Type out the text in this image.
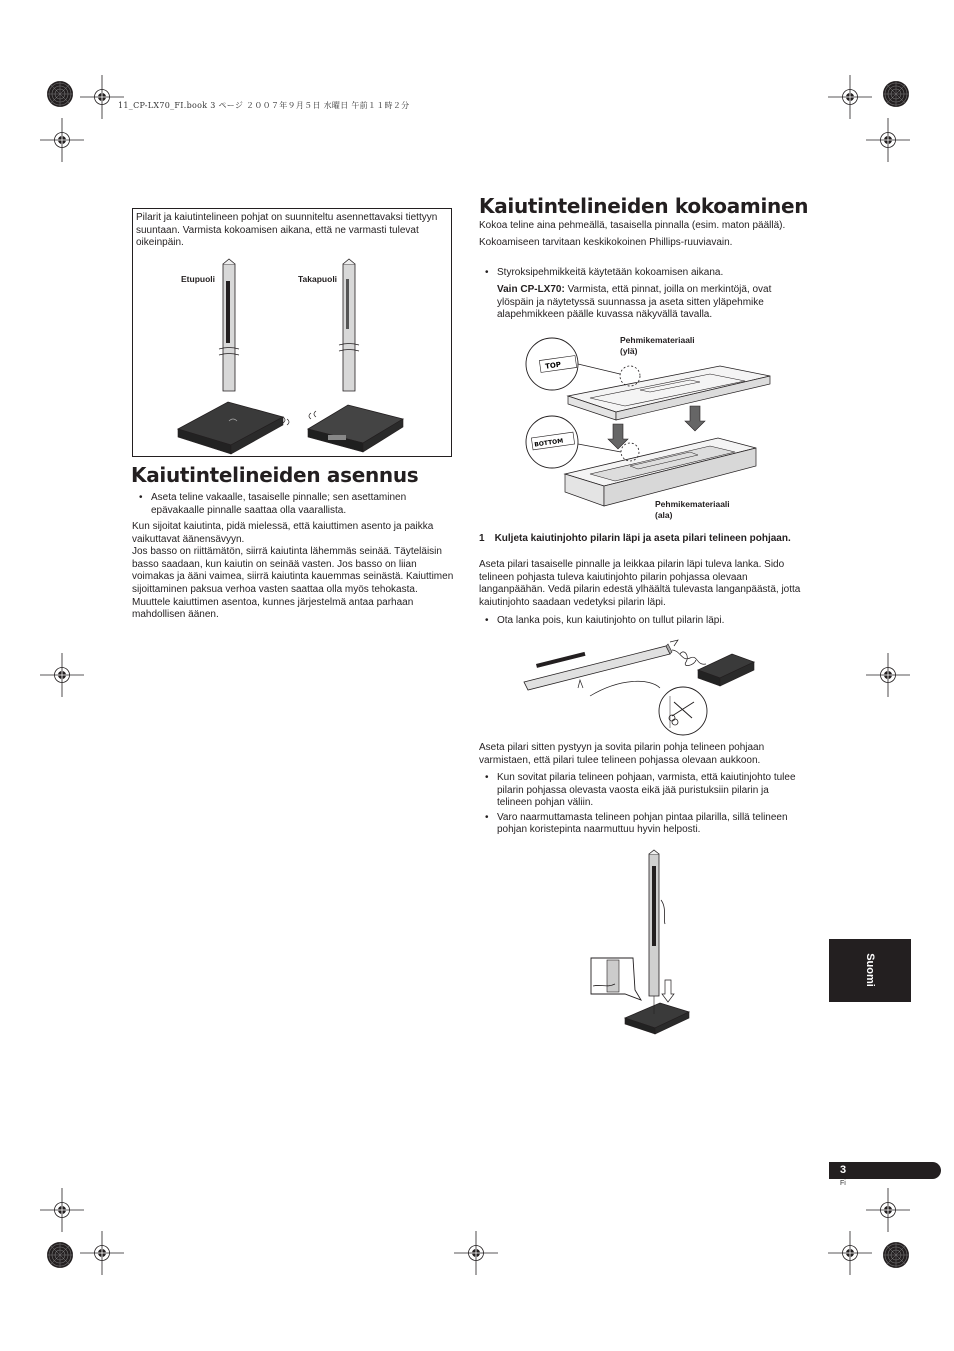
11_CP-LX70_FI.book 3 ページ ２００７年９月５日 水曜日 午前１１時２分

Pilarit ja kaiutintelineen pohjat on suunniteltu asennettavaksi tiettyyn suuntaan. Varmista kokoamisen aikana, että ne varmasti tulevat oikeinpäin.

Etupuoli	Takapuoli
Kaiutintelineiden asennus
• Aseta teline vakaalle, tasaiselle pinnalle; sen asettaminen epävakaalle pinnalle saattaa olla vaarallista.

Kun sijoitat kaiutinta, pidä mielessä, että kaiuttimen asento ja paikka vaikuttavat äänensävyyn.

Jos basso on riittämätön, siirrä kaiutinta lähemmäs seinää. Täyteläisin basso saadaan, kun kaiutin on seinää vasten. Jos basso on liian voimakas ja ääni vaimea, siirrä kaiutinta kauemmas seinästä. Kaiuttimen sijoittaminen paksua verhoa vasten saattaa olla myös tehokasta.

Muuttele kaiuttimen asentoa, kunnes järjestelmä antaa parhaan mahdollisen äänen.

Kaiutintelineiden kokoaminen

Kokoa teline aina pehmeällä, tasaisella pinnalla (esim. maton päällä).

Kokoamiseen tarvitaan keskikokoinen Phillips-ruuviavain.

• Styroksipehmikkeitä käytetään kokoamisen aikana.

Vain CP-LX70: Varmista, että pinnat, joilla on merkintöjä, ovat ylöspäin ja näytetyssä suunnassa ja aseta sitten yläpehmike alapehmikkeen päälle kuvassa näkyvällä tavalla.

TOP
BOTTOM
Pehmikemateriaali
(ylä)
Pehmikemateriaali
(ala)
1 Kuljeta kaiutinjohto pilarin läpi ja aseta pilari telineen pohjaan.

Aseta pilari tasaiselle pinnalle ja leikkaa pilarin läpi tuleva lanka. Sido telineen pohjasta tuleva kaiutinjohto pilarin pohjassa olevaan langanpäähän. Vedä pilarin edestä ylhäältä tulevasta langanpäästä, jotta kaiutinjohto saadaan vedetyksi pilarin läpi.

• Ota lanka pois, kun kaiutinjohto on tullut pilarin läpi.

Aseta pilari sitten pystyyn ja sovita pilarin pohja telineen pohjaan varmistaen, että pilari tulee telineen pohjassa olevaan aukkoon.

• Kun sovitat pilaria telineen pohjaan, varmista, että kaiutinjohto tulee pilarin pohjassa olevasta vaosta eikä jää puristuksiin pilarin ja telineen pohjan väliin.
• Varo naarmuttamasta telineen pohjan pintaa pilarilla, sillä telineen pohjan koristepinta naarmuttuu hyvin helposti.
Suomi
3
Fi
